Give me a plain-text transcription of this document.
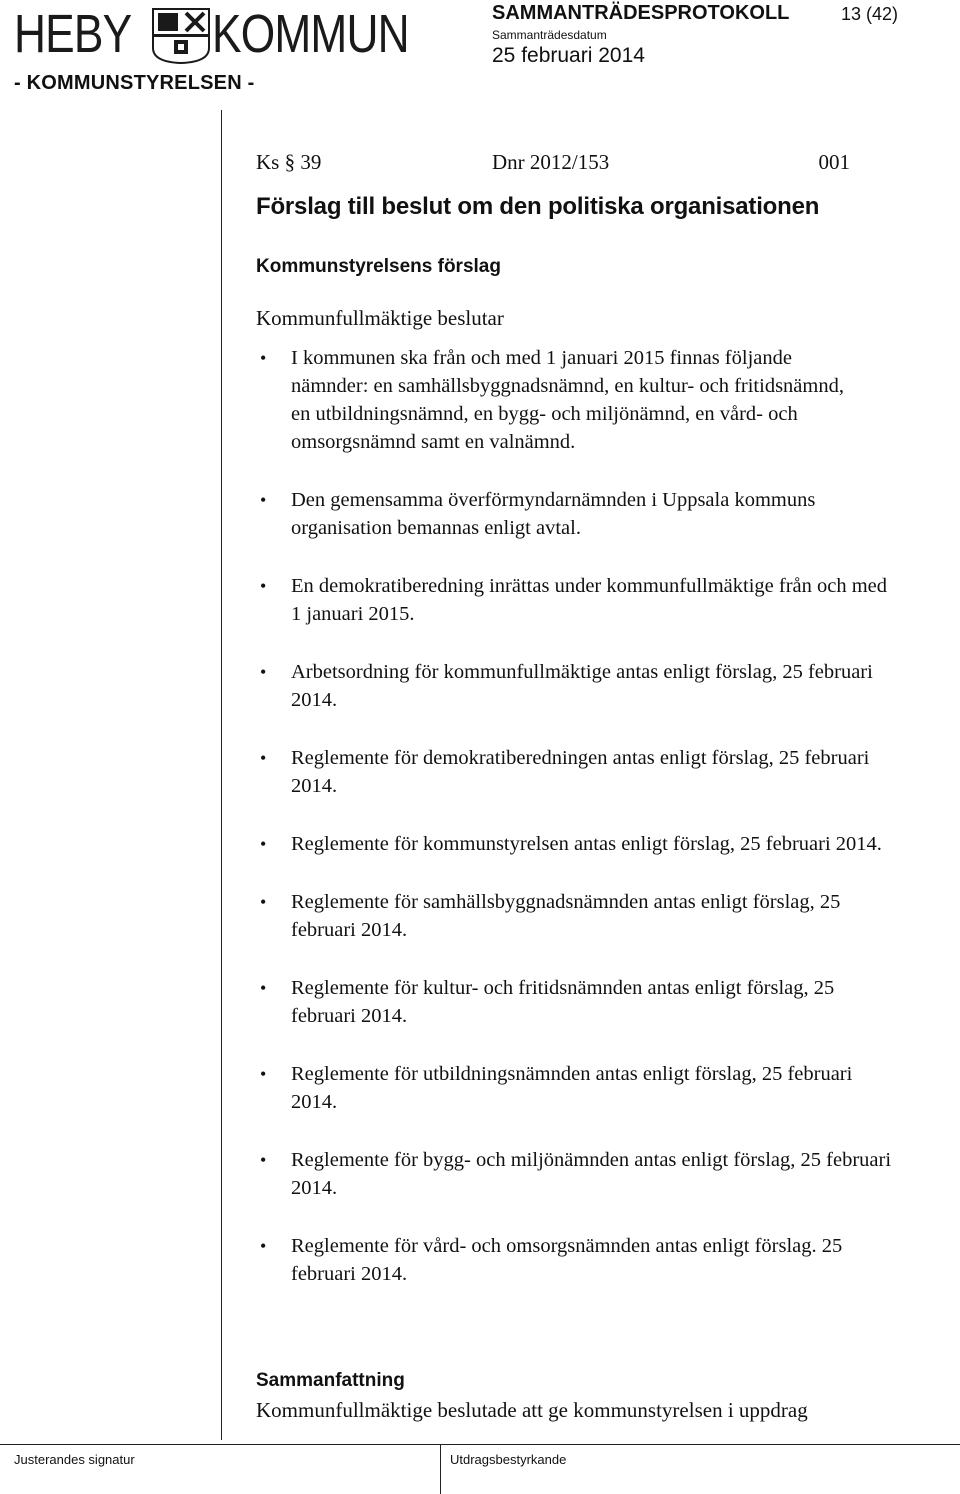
HEBY KOMMUN
- KOMMUNSTYRELSEN -
SAMMANTRÄDESPROTOKOLL	13 (42)
Sammanträdesdatum
25 februari 2014
Ks § 39	Dnr 2012/153	001
Förslag till beslut om den politiska organisationen
Kommunstyrelsens förslag
Kommunfullmäktige beslutar
• I kommunen ska från och med 1 januari 2015 finnas följande nämnder: en samhällsbyggnadsnämnd, en kultur- och fritidsnämnd, en utbildningsnämnd, en bygg- och miljönämnd, en vård- och omsorgsnämnd samt en valnämnd.
• Den gemensamma överförmyndarnämnden i Uppsala kommuns organisation bemannas enligt avtal.
• En demokratiberedning inrättas under kommunfullmäktige från och med 1 januari 2015.
• Arbetsordning för kommunfullmäktige antas enligt förslag, 25 februari 2014.
• Reglemente för demokratiberedningen antas enligt förslag, 25 februari 2014.
• Reglemente för kommunstyrelsen antas enligt förslag, 25 februari 2014.
• Reglemente för samhällsbyggnadsnämnden antas enligt förslag, 25 februari 2014.
• Reglemente för kultur- och fritidsnämnden antas enligt förslag, 25 februari 2014.
• Reglemente för utbildningsnämnden antas enligt förslag, 25 februari 2014.
• Reglemente för bygg- och miljönämnden antas enligt förslag, 25 februari 2014.
• Reglemente för vård- och omsorgsnämnden antas enligt förslag. 25 februari 2014.
Sammanfattning
Kommunfullmäktige beslutade att ge kommunstyrelsen i uppdrag
Justerandes signatur	Utdragsbestyrkande
